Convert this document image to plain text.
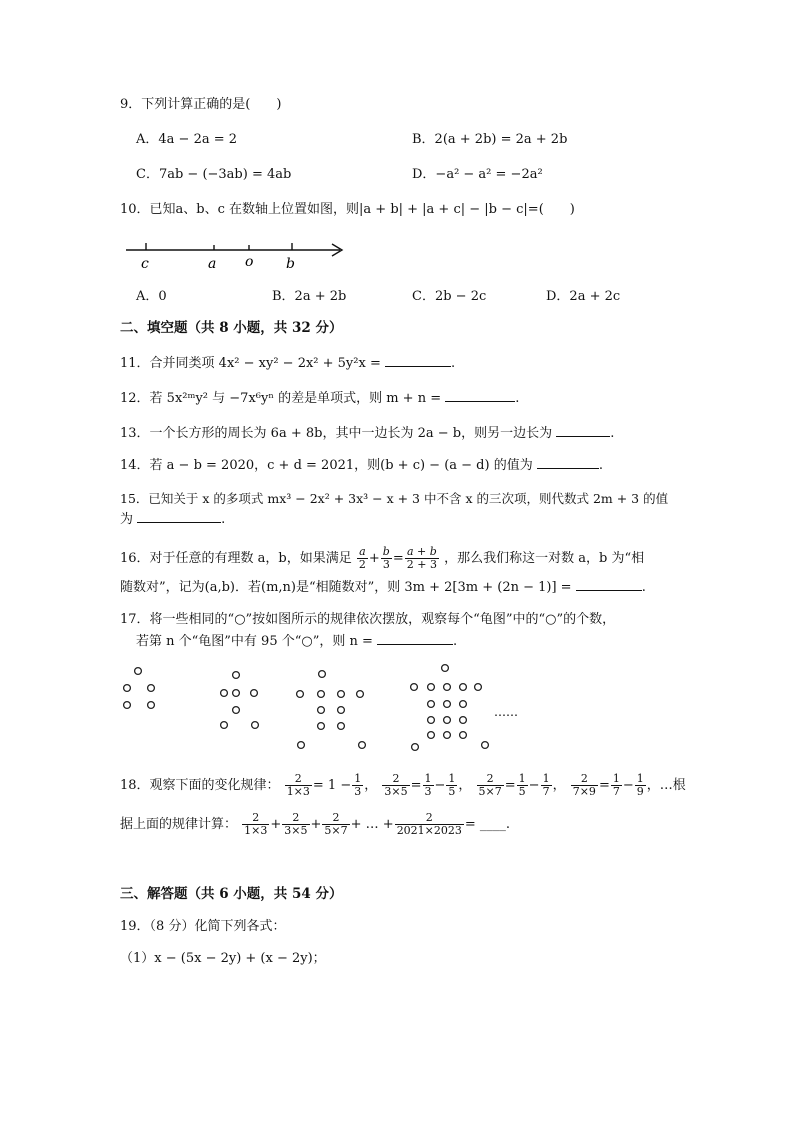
9．下列计算正确的是(　　)
A．4a − 2a = 2	B．2(a + 2b) = 2a + 2b
C．7ab − (−3ab) = 4ab	D．−a² − a² = −2a²
10．已知a、b、c 在数轴上位置如图，则|a + b| + |a + c| − |b − c|=(　　)
c	a o b
A．0	B．2a + 2b	C．2b − 2c	D．2a + 2c
二、填空题（共 8 小题，共 32 分）
11．合并同类项 4x² − xy² − 2x² + 5y²x =	.
12．若 5x²ᵐy² 与 −7x⁶yⁿ 的差是单项式，则 m + n =	.
13．一个长方形的周长为 6a + 8b，其中一边长为 2a − b，则另一边长为	.
14．若 a − b = 2020，c + d = 2021，则(b + c) − (a − d) 的值为	.
15．已知关于 x 的多项式 mx³ − 2x² + 3x³ − x + 3 中不含 x 的三次项，则代数式 2m + 3 的值
为	.
16．对于任意的有理数 a，b，如果满足 $\frac{a}{2} + \frac{b}{3} = \frac{a + b}{2 + 3}$ ，那么我们称这一对数 a，b 为“相
随数对”，记为(a,b)．若(m,n)是“相随数对”，则 3m + 2[3m + (2n − 1)] =	.
17．将一些相同的“○”按如图所示的规律依次摆放，观察每个“龟图”中的“○”的个数，
若第 n 个“龟图”中有 95 个“○”，则 n =	.
……
18．观察下面的变化规律： $\frac{2}{1\times 3} = 1 - \frac{1}{3}$ ， $\frac{2}{3\times 5} = \frac{1}{3} - \frac{1}{5}$ ， $\frac{2}{5\times 7} = \frac{1}{5} - \frac{1}{7}$ ， $\frac{2}{7\times 9} = \frac{1}{7} - \frac{1}{9}$ ，…根
据上面的规律计算： $\frac{2}{1\times 3} + \frac{2}{3\times 5} + \frac{2}{5\times 7}$ + … + $\frac{2}{2021\times 2023}$ = ____.
三、解答题（共 6 小题，共 54 分）
19．（8 分）化简下列各式：
（1）x − (5x − 2y) + (x − 2y)；
